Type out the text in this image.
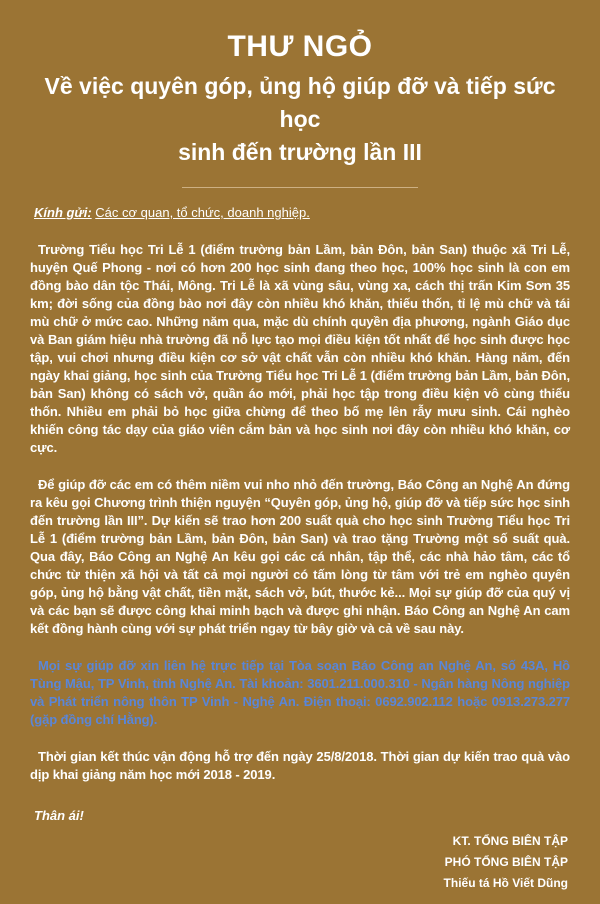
THƯ NGỎ
Về việc quyên góp, ủng hộ giúp đỡ và tiếp sức học
sinh đến trường lần III
Kính gửi: Các cơ quan, tổ chức, doanh nghiệp.

Trường Tiểu học Tri Lễ 1 (điểm trường bản Lầm, bản Đôn, bản San) thuộc xã Tri Lễ, huyện Quế Phong - nơi có hơn 200 học sinh đang theo học, 100% học sinh là con em đồng bào dân tộc Thái, Mông. Tri Lễ là xã vùng sâu, vùng xa, cách thị trấn Kim Sơn 35 km; đời sống của đồng bào nơi đây còn nhiều khó khăn, thiếu thốn, tỉ lệ mù chữ và tái mù chữ ở mức cao. Những năm qua, mặc dù chính quyền địa phương, ngành Giáo dục và Ban giám hiệu nhà trường đã nỗ lực tạo mọi điều kiện tốt nhất để học sinh được học tập, vui chơi nhưng điều kiện cơ sở vật chất vẫn còn nhiều khó khăn. Hàng năm, đến ngày khai giảng, học sinh của Trường Tiểu học Tri Lễ 1 (điểm trường bản Lầm, bản Đôn, bản San) không có sách vở, quần áo mới, phải học tập trong điều kiện vô cùng thiếu thốn. Nhiều em phải bỏ học giữa chừng để theo bố mẹ lên rẫy mưu sinh. Cái nghèo khiến công tác dạy của giáo viên cắm bản và học sinh nơi đây còn nhiều khó khăn, cơ cực.

Để giúp đỡ các em có thêm niềm vui nho nhỏ đến trường, Báo Công an Nghệ An đứng ra kêu gọi Chương trình thiện nguyện “Quyên góp, ủng hộ, giúp đỡ và tiếp sức học sinh đến trường lần III”. Dự kiến sẽ trao hơn 200 suất quà cho học sinh Trường Tiểu học Tri Lễ 1 (điểm trường bản Lầm, bản Đôn, bản San) và trao tặng Trường một số suất quà. Qua đây, Báo Công an Nghệ An kêu gọi các cá nhân, tập thể, các nhà hảo tâm, các tổ chức từ thiện xã hội và tất cả mọi người có tấm lòng từ tâm với trẻ em nghèo quyên góp, ủng hộ bằng vật chất, tiền mặt, sách vở, bút, thước kẻ... Mọi sự giúp đỡ của quý vị và các bạn sẽ được công khai minh bạch và được ghi nhận. Báo Công an Nghệ An cam kết đồng hành cùng với sự phát triển ngay từ bây giờ và cả về sau này.

Mọi sự giúp đỡ xin liên hệ trực tiếp tại Tòa soạn Báo Công an Nghệ An, số 43A, Hồ Tùng Mậu, TP Vinh, tỉnh Nghệ An. Tài khoản: 3601.211.000.310 - Ngân hàng Nông nghiệp và Phát triển nông thôn TP Vinh - Nghệ An. Điện thoại: 0692.902.112 hoặc 0913.273.277 (gặp đồng chí Hằng).

Thời gian kết thúc vận động hỗ trợ đến ngày 25/8/2018. Thời gian dự kiến trao quà vào dịp khai giảng năm học mới 2018 - 2019.

Thân ái!
KT. TỔNG BIÊN TẬP
PHÓ TỔNG BIÊN TẬP
Thiếu tá Hồ Viết Dũng
